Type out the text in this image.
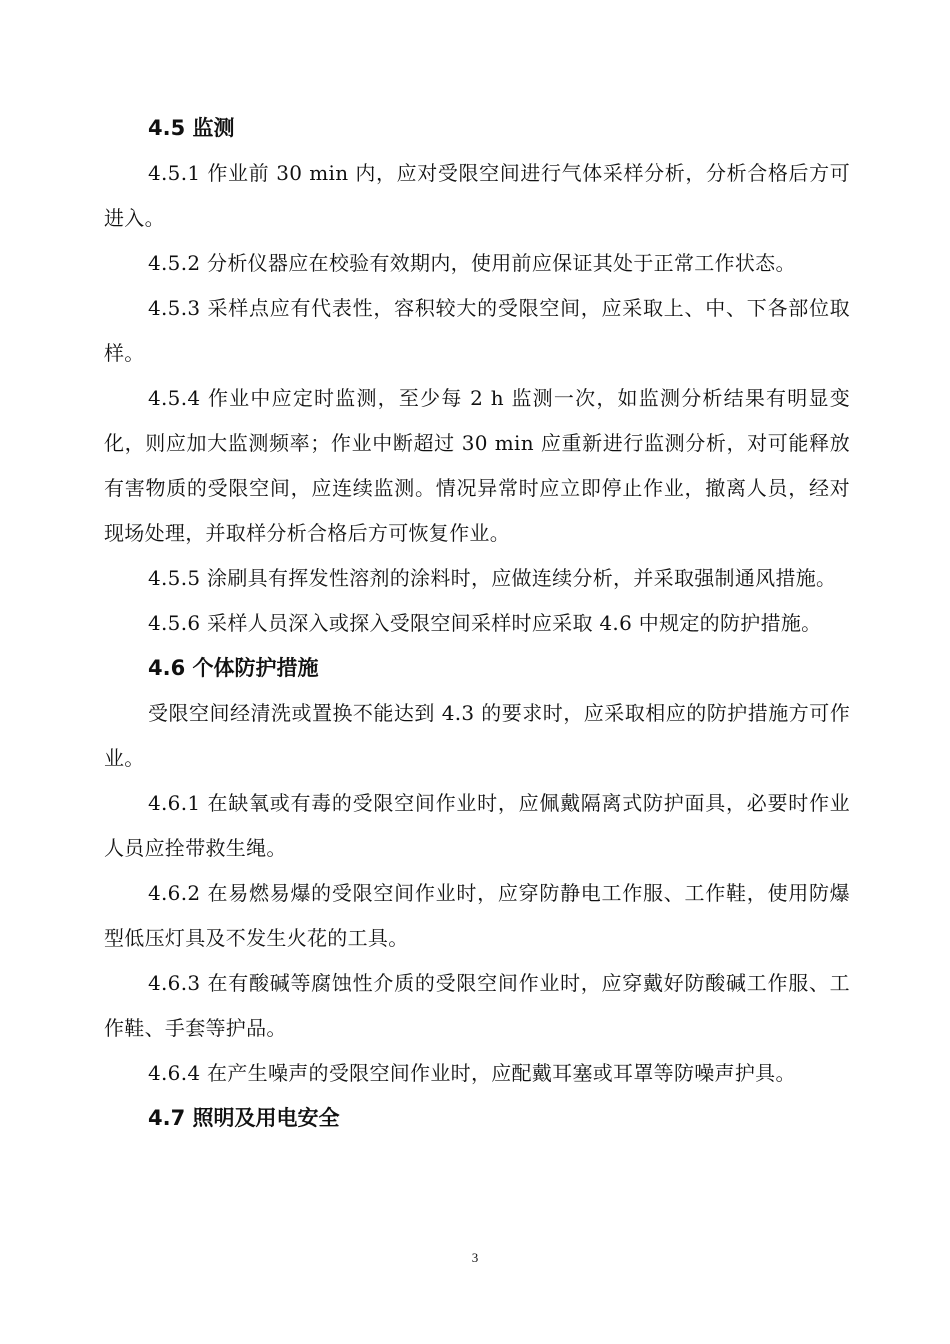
4.5 监测

4.5.1 作业前 30 min 内，应对受限空间进行气体采样分析，分析合格后方可进入。

4.5.2 分析仪器应在校验有效期内，使用前应保证其处于正常工作状态。

4.5.3 采样点应有代表性，容积较大的受限空间，应采取上、中、下各部位取样。

4.5.4 作业中应定时监测，至少每 2 h 监测一次，如监测分析结果有明显变化，则应加大监测频率；作业中断超过 30 min 应重新进行监测分析，对可能释放有害物质的受限空间，应连续监测。情况异常时应立即停止作业，撤离人员，经对现场处理，并取样分析合格后方可恢复作业。

4.5.5 涂刷具有挥发性溶剂的涂料时，应做连续分析，并采取强制通风措施。

4.5.6 采样人员深入或探入受限空间采样时应采取 4.6 中规定的防护措施。

4.6 个体防护措施

受限空间经清洗或置换不能达到 4.3 的要求时，应采取相应的防护措施方可作业。

4.6.1 在缺氧或有毒的受限空间作业时，应佩戴隔离式防护面具，必要时作业人员应拴带救生绳。

4.6.2 在易燃易爆的受限空间作业时，应穿防静电工作服、工作鞋，使用防爆型低压灯具及不发生火花的工具。

4.6.3 在有酸碱等腐蚀性介质的受限空间作业时，应穿戴好防酸碱工作服、工作鞋、手套等护品。

4.6.4 在产生噪声的受限空间作业时，应配戴耳塞或耳罩等防噪声护具。

4.7 照明及用电安全
3
